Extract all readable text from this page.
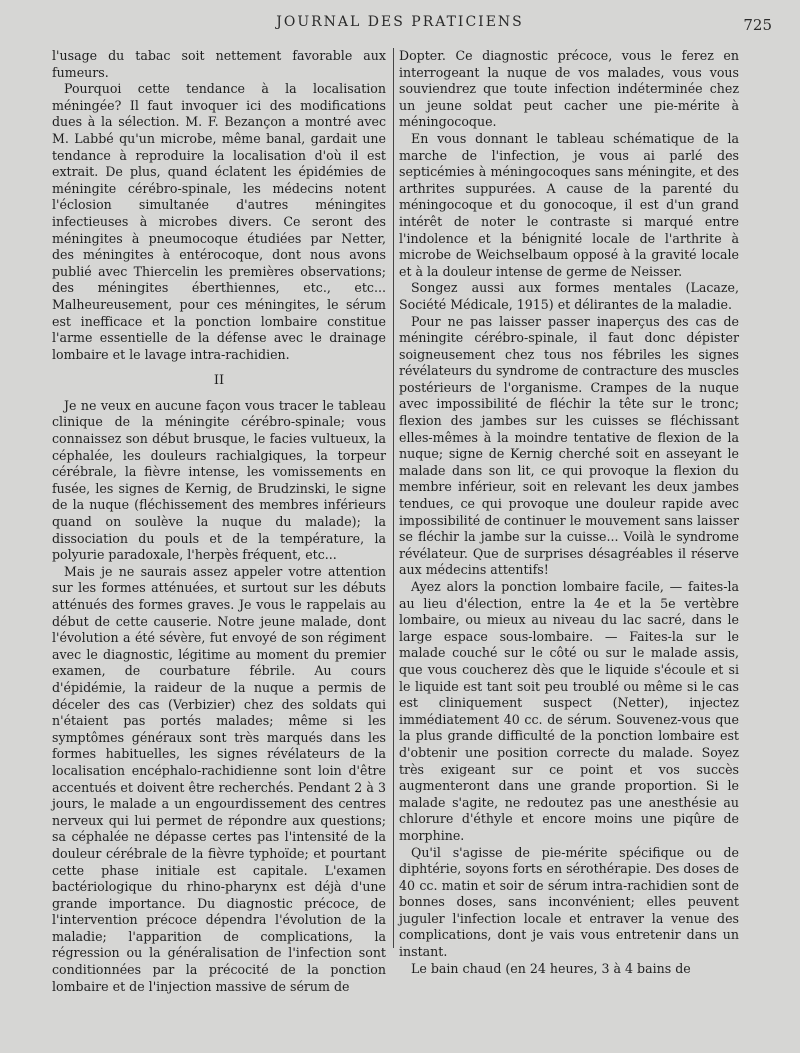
JOURNAL DES PRATICIENS	725

l'usage du tabac soit nettement favorable aux fumeurs.

Pourquoi cette tendance à la localisation méningée? Il faut invoquer ici des modifications dues à la sélection. M. F. Bezançon a montré avec M. Labbé qu'un microbe, même banal, gardait une tendance à reproduire la localisation d'où il est extrait. De plus, quand éclatent les épidémies de méningite cérébro-spinale, les médecins notent l'éclosion simultanée d'autres méningites infectieuses à microbes divers. Ce seront des méningites à pneumocoque étudiées par Netter, des méningites à entérocoque, dont nous avons publié avec Thiercelin les premières observations; des méningites éberthiennes, etc., etc... Malheureusement, pour ces méningites, le sérum est inefficace et la ponction lombaire constitue l'arme essentielle de la défense avec le drainage lombaire et le lavage intra-rachidien.

II

Je ne veux en aucune façon vous tracer le tableau clinique de la méningite cérébro-spinale; vous connaissez son début brusque, le facies vultueux, la céphalée, les douleurs rachialgiques, la torpeur cérébrale, la fièvre intense, les vomissements en fusée, les signes de Kernig, de Brudzinski, le signe de la nuque (fléchissement des membres inférieurs quand on soulève la nuque du malade); la dissociation du pouls et de la température, la polyurie paradoxale, l'herpès fréquent, etc...

Mais je ne saurais assez appeler votre attention sur les formes atténuées, et surtout sur les débuts atténués des formes graves. Je vous le rappelais au début de cette causerie. Notre jeune malade, dont l'évolution a été sévère, fut envoyé de son régiment avec le diagnostic, légitime au moment du premier examen, de courbature fébrile. Au cours d'épidémie, la raideur de la nuque a permis de déceler des cas (Verbizier) chez des soldats qui n'étaient pas portés malades; même si les symptômes généraux sont très marqués dans les formes habituelles, les signes révélateurs de la localisation encéphalo-rachidienne sont loin d'être accentués et doivent être recherchés. Pendant 2 à 3 jours, le malade a un engourdissement des centres nerveux qui lui permet de répondre aux questions; sa céphalée ne dépasse certes pas l'intensité de la douleur cérébrale de la fièvre typhoïde; et pourtant cette phase initiale est capitale. L'examen bactériologique du rhino-pharynx est déjà d'une grande importance. Du diagnostic précoce, de l'intervention précoce dépendra l'évolution de la maladie; l'apparition de complications, la régression ou la généralisation de l'infection sont conditionnées par la précocité de la ponction lombaire et de l'injection massive de sérum de

Dopter. Ce diagnostic précoce, vous le ferez en interrogeant la nuque de vos malades, vous vous souviendrez que toute infection indéterminée chez un jeune soldat peut cacher une pie-mérite à méningocoque.

En vous donnant le tableau schématique de la marche de l'infection, je vous ai parlé des septicémies à méningocoques sans méningite, et des arthrites suppurées. A cause de la parenté du méningocoque et du gonocoque, il est d'un grand intérêt de noter le contraste si marqué entre l'indolence et la bénignité locale de l'arthrite à microbe de Weichselbaum opposé à la gravité locale et à la douleur intense de germe de Neisser.

Songez aussi aux formes mentales (Lacaze, Société Médicale, 1915) et délirantes de la maladie.

Pour ne pas laisser passer inaperçus des cas de méningite cérébro-spinale, il faut donc dépister soigneusement chez tous nos fébriles les signes révélateurs du syndrome de contracture des muscles postérieurs de l'organisme. Crampes de la nuque avec impossibilité de fléchir la tête sur le tronc; flexion des jambes sur les cuisses se fléchissant elles-mêmes à la moindre tentative de flexion de la nuque; signe de Kernig cherché soit en asseyant le malade dans son lit, ce qui provoque la flexion du membre inférieur, soit en relevant les deux jambes tendues, ce qui provoque une douleur rapide avec impossibilité de continuer le mouvement sans laisser se fléchir la jambe sur la cuisse... Voilà le syndrome révélateur. Que de surprises désagréables il réserve aux médecins attentifs!

Ayez alors la ponction lombaire facile, — faites-la au lieu d'élection, entre la 4e et la 5e vertèbre lombaire, ou mieux au niveau du lac sacré, dans le large espace sous-lombaire. — Faites-la sur le malade couché sur le côté ou sur le malade assis, que vous coucherez dès que le liquide s'écoule et si le liquide est tant soit peu troublé ou même si le cas est cliniquement suspect (Netter), injectez immédiatement 40 cc. de sérum. Souvenez-vous que la plus grande difficulté de la ponction lombaire est d'obtenir une position correcte du malade. Soyez très exigeant sur ce point et vos succès augmenteront dans une grande proportion. Si le malade s'agite, ne redoutez pas une anesthésie au chlorure d'éthyle et encore moins une piqûre de morphine.

Qu'il s'agisse de pie-mérite spécifique ou de diphtérie, soyons forts en sérothérapie. Des doses de 40 cc. matin et soir de sérum intra-rachidien sont de bonnes doses, sans inconvénient; elles peuvent juguler l'infection locale et entraver la venue des complications, dont je vais vous entretenir dans un instant.

Le bain chaud (en 24 heures, 3 à 4 bains de
